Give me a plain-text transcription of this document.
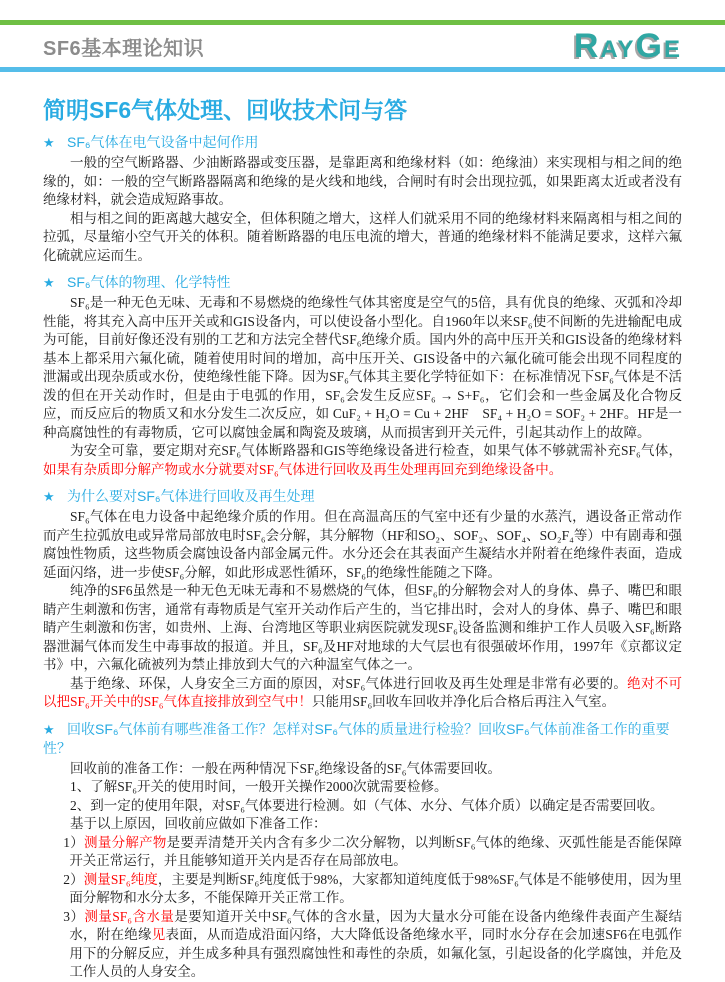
SF6基本理论知识	RayGe
简明SF6气体处理、回收技术问与答
★ SF₆气体在电气设备中起何作用

一般的空气断路器、少油断路器或变压器，是靠距离和绝缘材料（如：绝缘油）来实现相与相之间的绝缘的，如：一般的空气断路器隔离和绝缘的是火线和地线，合闸时有时会出现拉弧，如果距离太近或者没有绝缘材料，就会造成短路事故。

相与相之间的距离越大越安全，但体积随之增大，这样人们就采用不同的绝缘材料来隔离相与相之间的拉弧，尽量缩小空气开关的体积。随着断路器的电压电流的增大，普通的绝缘材料不能满足要求，这样六氟化硫就应运而生。

★ SF₆气体的物理、化学特性

SF₆是一种无色无味、无毒和不易燃烧的绝缘性气体其密度是空气的5倍，具有优良的绝缘、灭弧和冷却性能，将其充入高中压开关或和GIS设备内，可以使设备小型化。自1960年以来SF₆使不间断的先进输配电成为可能，目前好像还没有别的工艺和方法完全替代SF₆绝缘介质。国内外的高中压开关和GIS设备的绝缘材料基本上都采用六氟化硫，随着使用时间的增加，高中压开关、GIS设备中的六氟化硫可能会出现不同程度的泄漏或出现杂质或水份，使绝缘性能下降。因为SF₆气体其主要化学特征如下：在标准情况下SF₆气体是不活泼的但在开关动作时，但是由于电弧的作用，SF₆会发生反应SF₆ → S+F₆，它们会和一些金属及化合物反应，而反应后的物质又和水分发生二次反应，如 CuF₂ + H₂O = Cu + 2HF　SF₄ + H₂O = SOF₂ + 2HF。HF是一种高腐蚀性的有毒物质，它可以腐蚀金属和陶瓷及玻璃，从而损害到开关元件，引起其动作上的故障。

为安全可靠，要定期对充SF₆气体断路器和GIS等绝缘设备进行检查，如果气体不够就需补充SF₆气体，如果有杂质即分解产物或水分就要对SF₆气体进行回收及再生处理再回充到绝缘设备中。

★ 为什么要对SF₆气体进行回收及再生处理

SF₆气体在电力设备中起绝缘介质的作用。但在高温高压的气室中还有少量的水蒸汽，遇设备正常动作而产生拉弧放电或异常局部放电时SF₆会分解，其分解物（HF和SO₂、SOF₂、SOF₄、SO₂F₄等）中有剧毒和强腐蚀性物质，这些物质会腐蚀设备内部金属元件。水分还会在其表面产生凝结水并附着在绝缘件表面，造成延面闪络，进一步使SF₆分解，如此形成恶性循环，SF₆的绝缘性能随之下降。

纯净的SF6虽然是一种无色无味无毒和不易燃烧的气体，但SF₆的分解物会对人的身体、鼻子、嘴巴和眼睛产生刺激和伤害，通常有毒物质是气室开关动作后产生的，当它排出时，会对人的身体、鼻子、嘴巴和眼睛产生刺激和伤害，如贵州、上海、台湾地区等职业病医院就发现SF₆设备监测和维护工作人员吸入SF₆断路器泄漏气体而发生中毒事故的报道。并且，SF₆及HF对地球的大气层也有很强破坏作用，1997年《京都议定书》中，六氟化硫被列为禁止排放到大气的六种温室气体之一。

基于绝缘、环保，人身安全三方面的原因，对SF₆气体进行回收及再生处理是非常有必要的。绝对不可以把SF₆开关中的SF₆气体直接排放到空气中！只能用SF₆回收车回收并净化后合格后再注入气室。

★ 回收SF₆气体前有哪些准备工作？怎样对SF₆气体的质量进行检验？回收SF₆气体前准备工作的重要性？

回收前的准备工作：一般在两种情况下SF₆绝缘设备的SF₆气体需要回收。

1、了解SF₆开关的使用时间，一般开关操作2000次就需要检修。

2、到一定的使用年限，对SF₆气体要进行检测。如（气体、水分、气体介质）以确定是否需要回收。

基于以上原因，回收前应做如下准备工作：

1）测量分解产物是要弄清楚开关内含有多少二次分解物，以判断SF₆气体的绝缘、灭弧性能是否能保障开关正常运行，并且能够知道开关内是否存在局部放电。

2）测量SF₆纯度，主要是判断SF₆纯度低于98%，大家都知道纯度低于98%SF₆气体是不能够使用，因为里面分解物和水分太多，不能保障开关正常工作。

3）测量SF₆含水量是要知道开关中SF₆气体的含水量，因为大量水分可能在设备内绝缘件表面产生凝结水，附在绝缘见表面，从而造成沿面闪络，大大降低设备绝缘水平，同时水分存在会加速SF6在电弧作用下的分解反应，并生成多种具有强烈腐蚀性和毒性的杂质，如氟化氢，引起设备的化学腐蚀，并危及工作人员的人身安全。
